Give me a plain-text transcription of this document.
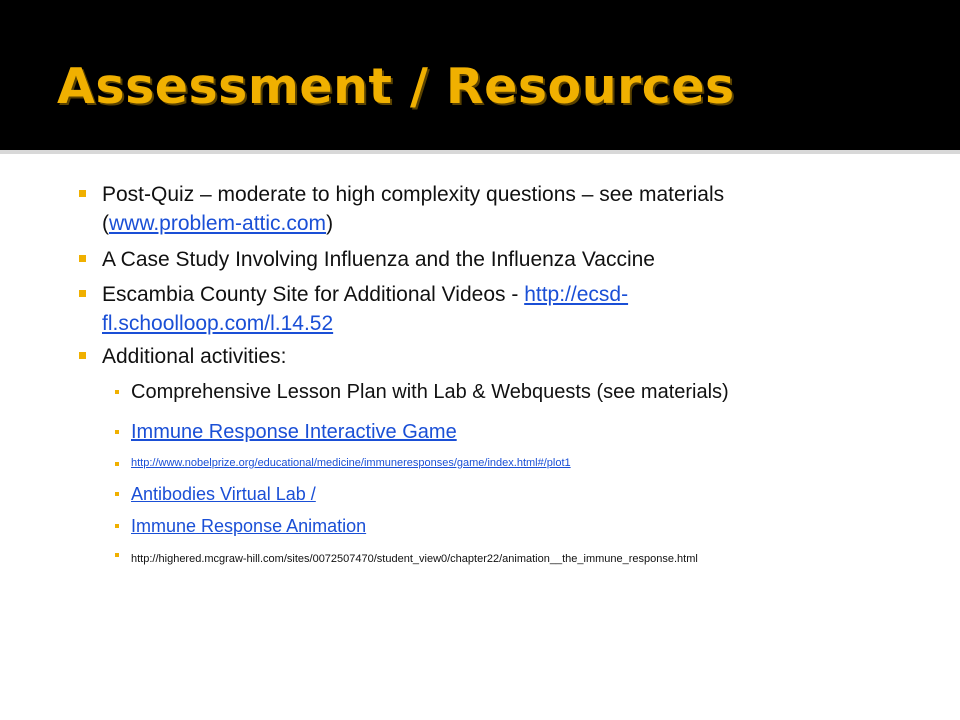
Assessment / Resources
Post-Quiz – moderate to high complexity questions – see materials (www.problem-attic.com)
A Case Study Involving Influenza and the Influenza Vaccine
Escambia County Site for Additional Videos - http://ecsd-fl.schoolloop.com/l.14.52
Additional activities:
Comprehensive Lesson Plan with Lab & Webquests (see materials)
Immune Response Interactive Game
http://www.nobelprize.org/educational/medicine/immuneresponses/game/index.html#/plot1
Antibodies Virtual Lab /
Immune Response Animation
http://highered.mcgraw-hill.com/sites/0072507470/student_view0/chapter22/animation__the_immune_response.html
